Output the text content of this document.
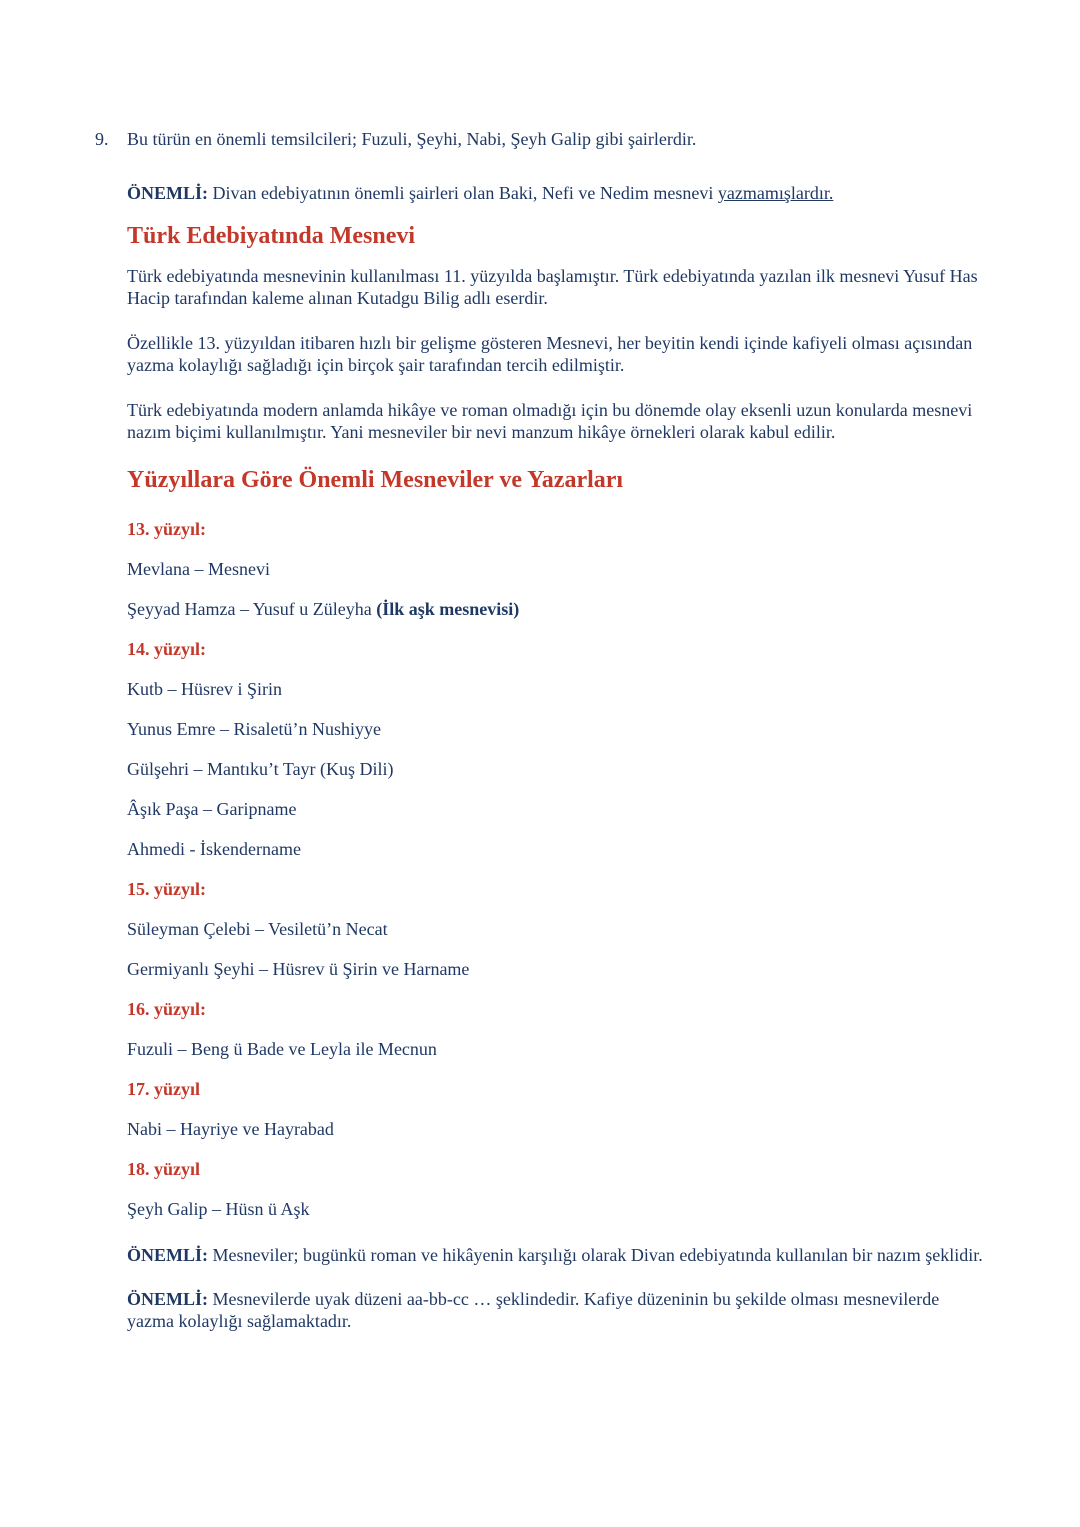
9.	Bu türün en önemli temsilcileri; Fuzuli, Şeyhi, Nabi, Şeyh Galip gibi şairlerdir.

ÖNEMLİ: Divan edebiyatının önemli şairleri olan Baki, Nefi ve Nedim mesnevi yazmamışlardır.

Türk Edebiyatında Mesnevi

Türk edebiyatında mesnevinin kullanılması 11. yüzyılda başlamıştır. Türk edebiyatında yazılan ilk mesnevi Yusuf Has Hacip tarafından kaleme alınan Kutadgu Bilig adlı eserdir.

Özellikle 13. yüzyıldan itibaren hızlı bir gelişme gösteren Mesnevi, her beyitin kendi içinde kafiyeli olması açısından yazma kolaylığı sağladığı için birçok şair tarafından tercih edilmiştir.

Türk edebiyatında modern anlamda hikâye ve roman olmadığı için bu dönemde olay eksenli uzun konularda mesnevi nazım biçimi kullanılmıştır. Yani mesneviler bir nevi manzum hikâye örnekleri olarak kabul edilir.

Yüzyıllara Göre Önemli Mesneviler ve Yazarları
13. yüzyıl:
Mevlana – Mesnevi
Şeyyad Hamza – Yusuf u Züleyha (İlk aşk mesnevisi)
14. yüzyıl:
Kutb – Hüsrev i Şirin
Yunus Emre – Risaletü’n Nushiyye
Gülşehri – Mantıku’t Tayr (Kuş Dili)
Âşık Paşa – Garipname
Ahmedi - İskendername
15. yüzyıl:
Süleyman Çelebi – Vesiletü’n Necat
Germiyanlı Şeyhi – Hüsrev ü Şirin ve Harname
16. yüzyıl:
Fuzuli – Beng ü Bade ve Leyla ile Mecnun
17. yüzyıl
Nabi – Hayriye ve Hayrabad
18. yüzyıl
Şeyh Galip – Hüsn ü Aşk

ÖNEMLİ: Mesneviler; bugünkü roman ve hikâyenin karşılığı olarak Divan edebiyatında kullanılan bir nazım şeklidir.

ÖNEMLİ: Mesnevilerde uyak düzeni aa-bb-cc … şeklindedir. Kafiye düzeninin bu şekilde olması mesnevilerde yazma kolaylığı sağlamaktadır.
